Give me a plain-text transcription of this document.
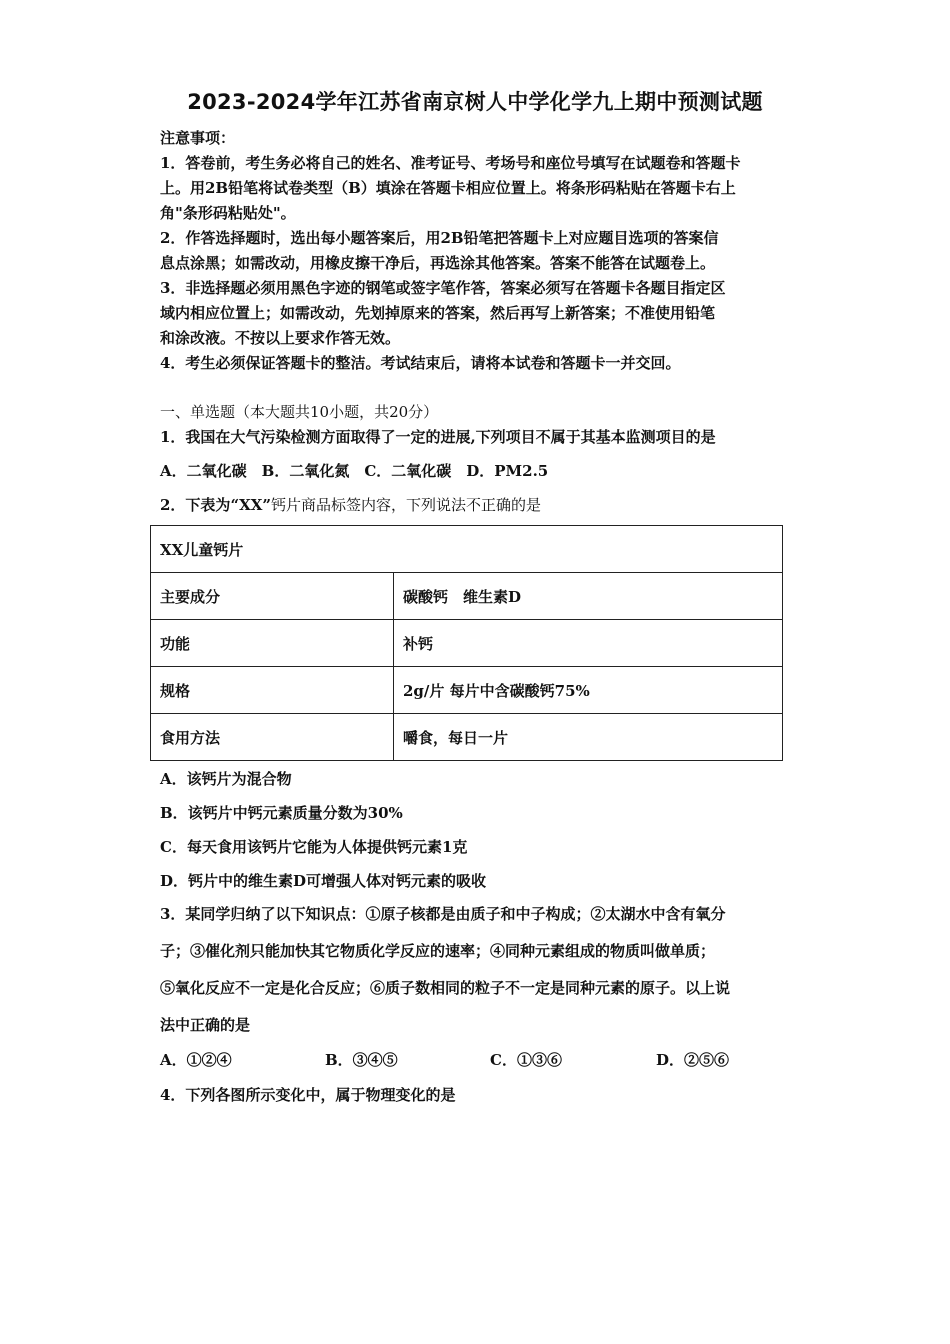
2023-2024学年江苏省南京树人中学化学九上期中预测试题

注意事项：

1．答卷前，考生务必将自己的姓名、准考证号、考场号和座位号填写在试题卷和答题卡

上。用2B铅笔将试卷类型（B）填涂在答题卡相应位置上。将条形码粘贴在答题卡右上

角"条形码粘贴处"。

2．作答选择题时，选出每小题答案后，用2B铅笔把答题卡上对应题目选项的答案信

息点涂黑；如需改动，用橡皮擦干净后，再选涂其他答案。答案不能答在试题卷上。

3．非选择题必须用黑色字迹的钢笔或签字笔作答，答案必须写在答题卡各题目指定区

域内相应位置上；如需改动，先划掉原来的答案，然后再写上新答案；不准使用铅笔

和涂改液。不按以上要求作答无效。

4．考生必须保证答题卡的整洁。考试结束后，请将本试卷和答题卡一并交回。

一、单选题（本大题共10小题，共20分）
1．我国在大气污染检测方面取得了一定的进展,下列项目不属于其基本监测项目的是
A．二氧化碳　B．二氧化氮　C．二氧化碳　D．PM2.5
2．下表为“XX”钙片商品标签内容，下列说法不正确的是
XX儿童钙片	
主要成分	碳酸钙　维生素D
功能	补钙
规格	2g/片 每片中含碳酸钙75%
食用方法	嚼食，每日一片
A．该钙片为混合物
B．该钙片中钙元素质量分数为30%
C．每天食用该钙片它能为人体提供钙元素1克
D．钙片中的维生素D可增强人体对钙元素的吸收

3．某同学归纳了以下知识点：①原子核都是由质子和中子构成；②太湖水中含有氧分

子；③催化剂只能加快其它物质化学反应的速率；④同种元素组成的物质叫做单质；

⑤氧化反应不一定是化合反应；⑥质子数相同的粒子不一定是同种元素的原子。以上说

法中正确的是

A．①②④	B．③④⑤	C．①③⑥	D．②⑤⑥
4．下列各图所示变化中，属于物理变化的是
